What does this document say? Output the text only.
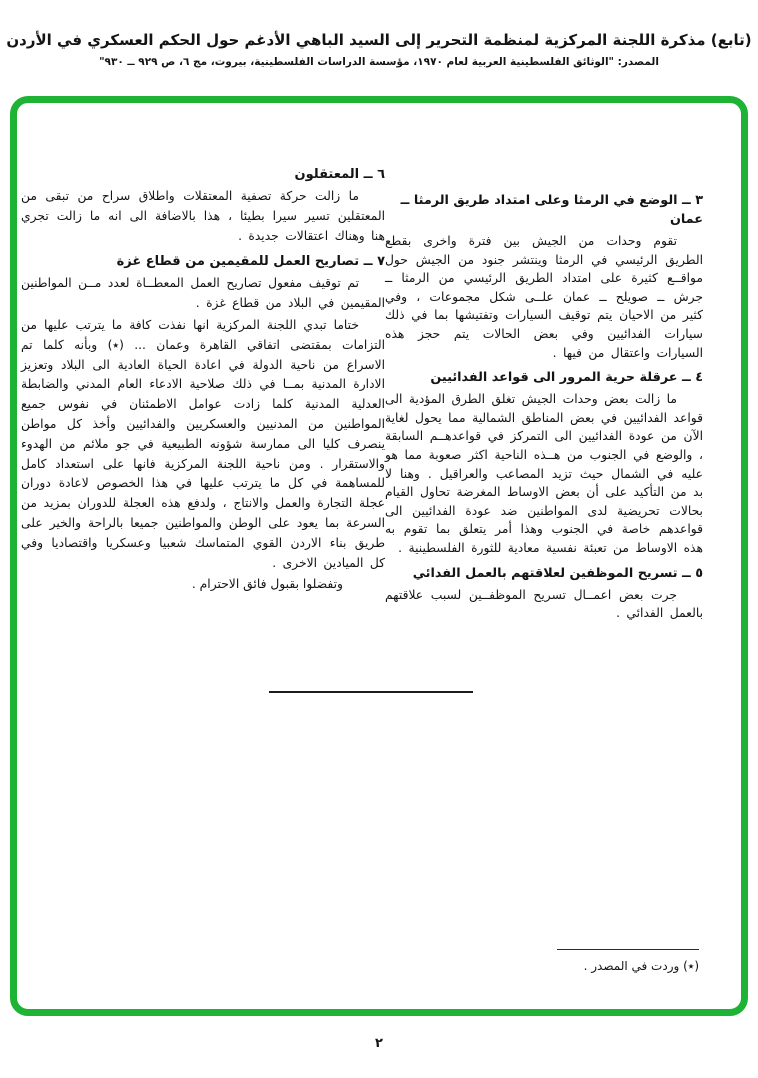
(تابع) مذكرة اللجنة المركزية لمنظمة التحرير إلى السيد الباهي الأدغم حول الحكم العسكري في الأردن
المصدر: "الوثائق الفلسطينية العربية لعام ١٩٧٠، مؤسسة الدراسات الفلسطينية، بيروت، مج ٦، ص ٩٢٩ ــ ٩٣٠"
٣ ــ الوضع في الرمثا وعلى امتداد طريق الرمثا ــ عمان

تقوم وحدات من الجيش بين فترة واخرى بقطع الطريق الرئيسي في الرمثا وينتشر جنود من الجيش حول مواقــع كثيرة على امتداد الطريق الرئيسي من الرمثا ــ جرش ــ صويلح ــ عمان علــى شكل مجموعات ، وفي كثير من الاحيان يتم توقيف السيارات وتفتيشها بما في ذلك سيارات الفدائيين وفي بعض الحالات يتم حجز هذه السيارات واعتقال من فيها .

٤ ــ عرقلة حرية المرور الى قواعد الفدائيين

ما زالت بعض وحدات الجيش تغلق الطرق المؤدية الى قواعد الفدائيين في بعض المناطق الشمالية مما يحول لغاية الآن من عودة الفدائيين الى التمركز في قواعدهــم السابقة ، والوضع في الجنوب من هــذه الناحية اكثر صعوبة مما هو عليه في الشمال حيث تزيد المصاعب والعراقيل . وهنا لا بد من التأكيد على أن بعض الاوساط المغرضة تحاول القيام بحالات تحريضية لدى المواطنين ضد عودة الفدائيين الى قواعدهم خاصة في الجنوب وهذا أمر يتعلق بما تقوم به هذه الاوساط من تعبئة نفسية معادية للثورة الفلسطينية .

٥ ــ تسريح الموظفين لعلاقتهم بالعمل الفدائي

جرت بعض اعمــال تسريح الموظفــين لسبب علاقتهم بالعمل الفدائي .

٦ ــ المعتقلون

ما زالت حركة تصفية المعتقلات واطلاق سراح من تبقى من المعتقلين تسير سيرا بطيئا ، هذا بالاضافة الى انه ما زالت تجري هنا وهناك اعتقالات جديدة .

٧ ــ تصاريح العمل للمقيمين من قطاع غزة

تم توقيف مفعول تصاريح العمل المعطــاة لعدد مــن المواطنين المقيمين في البلاد من قطاع غزة .

ختاما تبدي اللجنة المركزية انها نفذت كافة ما يترتب عليها من التزامات بمقتضى اتفاقي القاهرة وعمان ... (٭) وبأنه كلما تم الاسراع من ناحية الدولة في اعادة الحياة العادية الى البلاد وتعزيز الادارة المدنية بمــا في ذلك صلاحية الادعاء العام المدني والضابطة العدلية المدنية كلما زادت عوامل الاطمئنان في نفوس جميع المواطنين من المدنيين والعسكريين والفدائيين وأخذ كل مواطن ينصرف كليا الى ممارسة شؤونه الطبيعية في جو ملائم من الهدوء والاستقرار . ومن ناحية اللجنة المركزية فانها على استعداد كامل للمساهمة في كل ما يترتب عليها في هذا الخصوص لاعادة دوران عجلة التجارة والعمل والانتاج ، ولدفع هذه العجلة للدوران بمزيد من السرعة بما يعود على الوطن والمواطنين جميعا بالراحة والخير على طريق بناء الاردن القوي المتماسك شعبيا وعسكريا واقتصاديا وفي كل الميادين الاخرى .

وتفضلوا بقبول فائق الاحترام .

(٭) وردت في المصدر .
٢
